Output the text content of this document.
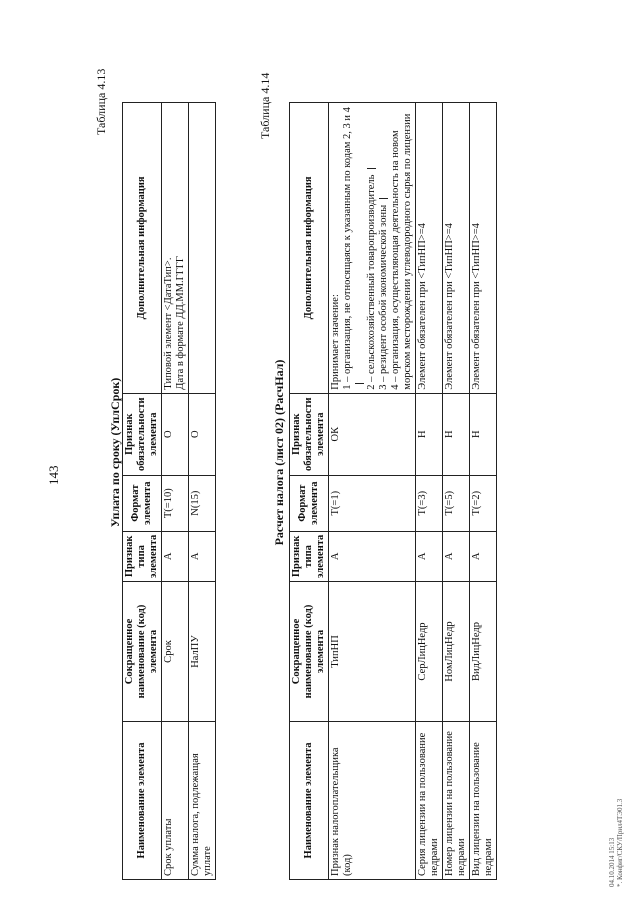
143
Таблица 4.13
Уплата по сроку (УплСрок)
Наименование элемента	Сокращенное наименование (код) элемента	Признак типа элемента	Формат элемента	Признак обязательности элемента	Дополнительная информация
Срок уплаты	Срок	А	Т(=10)	О	Типовой элемент <ДатаТип>.
Дата в формате ДД.ММ.ГГГГ
Сумма налога, подлежащая уплате	НалПУ	А	N(15)	О	
Таблица 4.14
Расчет налога (лист 02) (РасчНал)
Наименование элемента	Сокращенное наименование (код) элемента	Признак типа элемента	Формат элемента	Признак обязательности элемента	Дополнительная информация
Признак налогоплательщика (код)	ТипНП	А	Т(=1)	ОК	Принимает значение: 1 – организация, не относящаяся к указанным по кодам 2, 3 и 4 2 – сельскохозяйственный товаропроизводитель 3 – резидент особой экономической зоны 4 – организация, осуществляющая деятельность на новом морском месторождении углеводородного сырья по лицензии

Серия лицензии на пользование недрами	СерЛицНедр	А	Т(=3)	Н	Элемент обязателен при <ТипНП>=4
Номер лицензии на пользование недрами	НомЛицНедр	А	Т(=5)	Н	Элемент обязателен при <ТипНП>=4
Вид лицензии на пользование недрами	ВидЛицНедр	А	Т(=2)	Н	Элемент обязателен при <ТипНП>=4
04.10.2014 15:13 *. Конфиг/СКУ/Прил4ТЭ01.3
